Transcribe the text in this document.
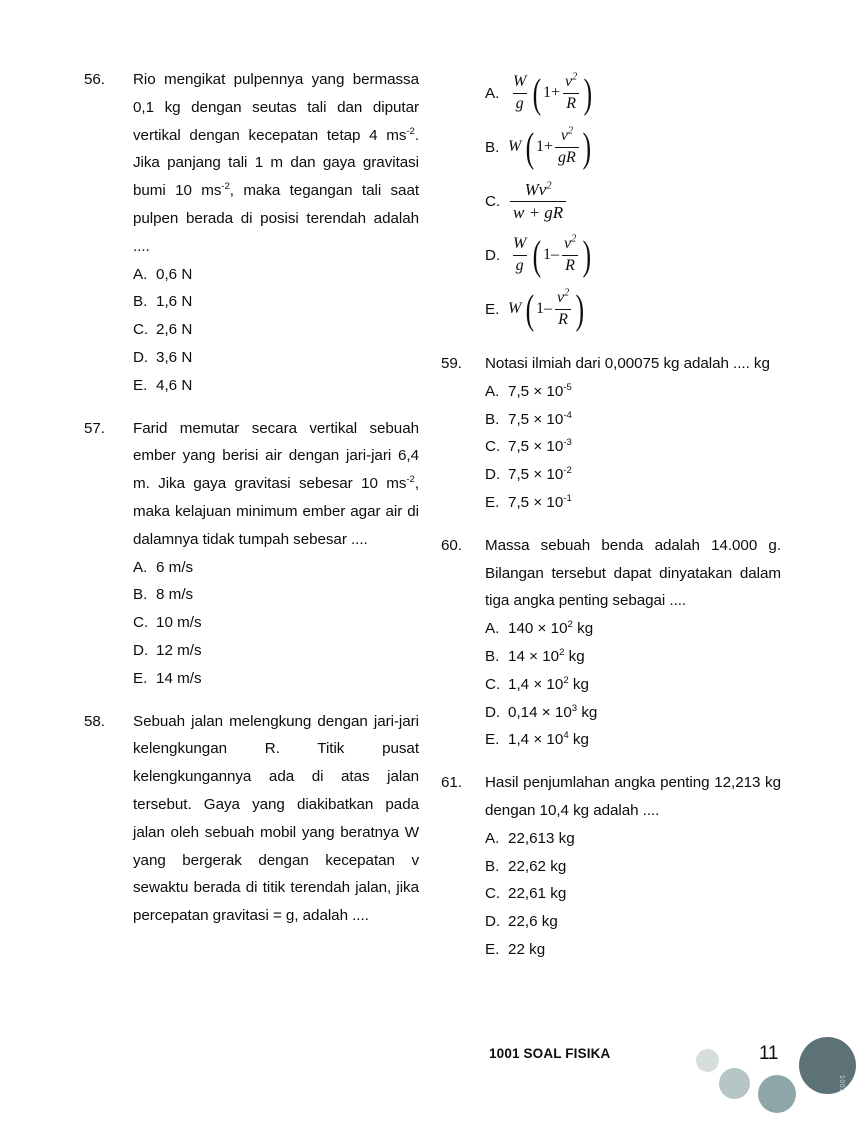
56.	Rio mengikat pulpennya yang bermassa 0,1 kg dengan seutas tali dan diputar vertikal dengan kecepatan tetap 4 $ms^{-2}$. Jika panjang tali 1 m dan gaya gravitasi bumi 10 $ms^{-2}$, maka tegangan tali saat pulpen berada di posisi terendah adalah ....
A. 0,6 N
B. 1,6 N
C. 2,6 N
D. 3,6 N
E. 4,6 N
57.	Farid memutar secara vertikal sebuah ember yang berisi air dengan jari-jari 6,4 m. Jika gaya gravitasi sebesar 10 $ms^{-2}$, maka kelajuan minimum ember agar air di dalamnya tidak tumpah sebesar ....
A. 6 m/s
B. 8 m/s
C. 10 m/s
D. 12 m/s
E. 14 m/s
58.	Sebuah jalan melengkung dengan jari-jari kelengkungan R. Titik pusat kelengkungannya ada di atas jalan tersebut. Gaya yang diakibatkan pada jalan oleh sebuah mobil yang beratnya W yang bergerak dengan kecepatan v sewaktu berada di titik terendah jalan, jika percepatan gravitasi = g, adalah ....
A. $\frac{W}{g}$ ( $1 + \frac{v^2}{R}$ )
B. W ( $1 + \frac{v^2}{gR}$ )
C. $\frac{Wv^2}{w + gR}$
D. $\frac{W}{g}$ ( $1 - \frac{v^2}{R}$ )
E. W ( $1 - \frac{v^2}{R}$ )
59.	Notasi ilmiah dari 0,00075 kg adalah .... kg
A. $7,5 \times 10^{-5}$
B. $7,5 \times 10^{-4}$
C. $7,5 \times 10^{-3}$
D. $7,5 \times 10^{-2}$
E. $7,5 \times 10^{-1}$
60.	Massa sebuah benda adalah 14.000 g. Bilangan tersebut dapat dinyatakan dalam tiga angka penting sebagai ....
A. $140 \times 10^2$ kg
B. $14 \times 10^2$ kg
C. $1,4 \times 10^2$ kg
D. $0,14 \times 10^3$ kg
E. $1,4 \times 10^4$ kg
61.	Hasil penjumlahan angka penting 12,213 kg dengan 10,4 kg adalah ....
A. 22,613 kg
B. 22,62 kg
C. 22,61 kg
D. 22,6 kg
E. 22 kg
1001 SOAL FISIKA	11
1001
